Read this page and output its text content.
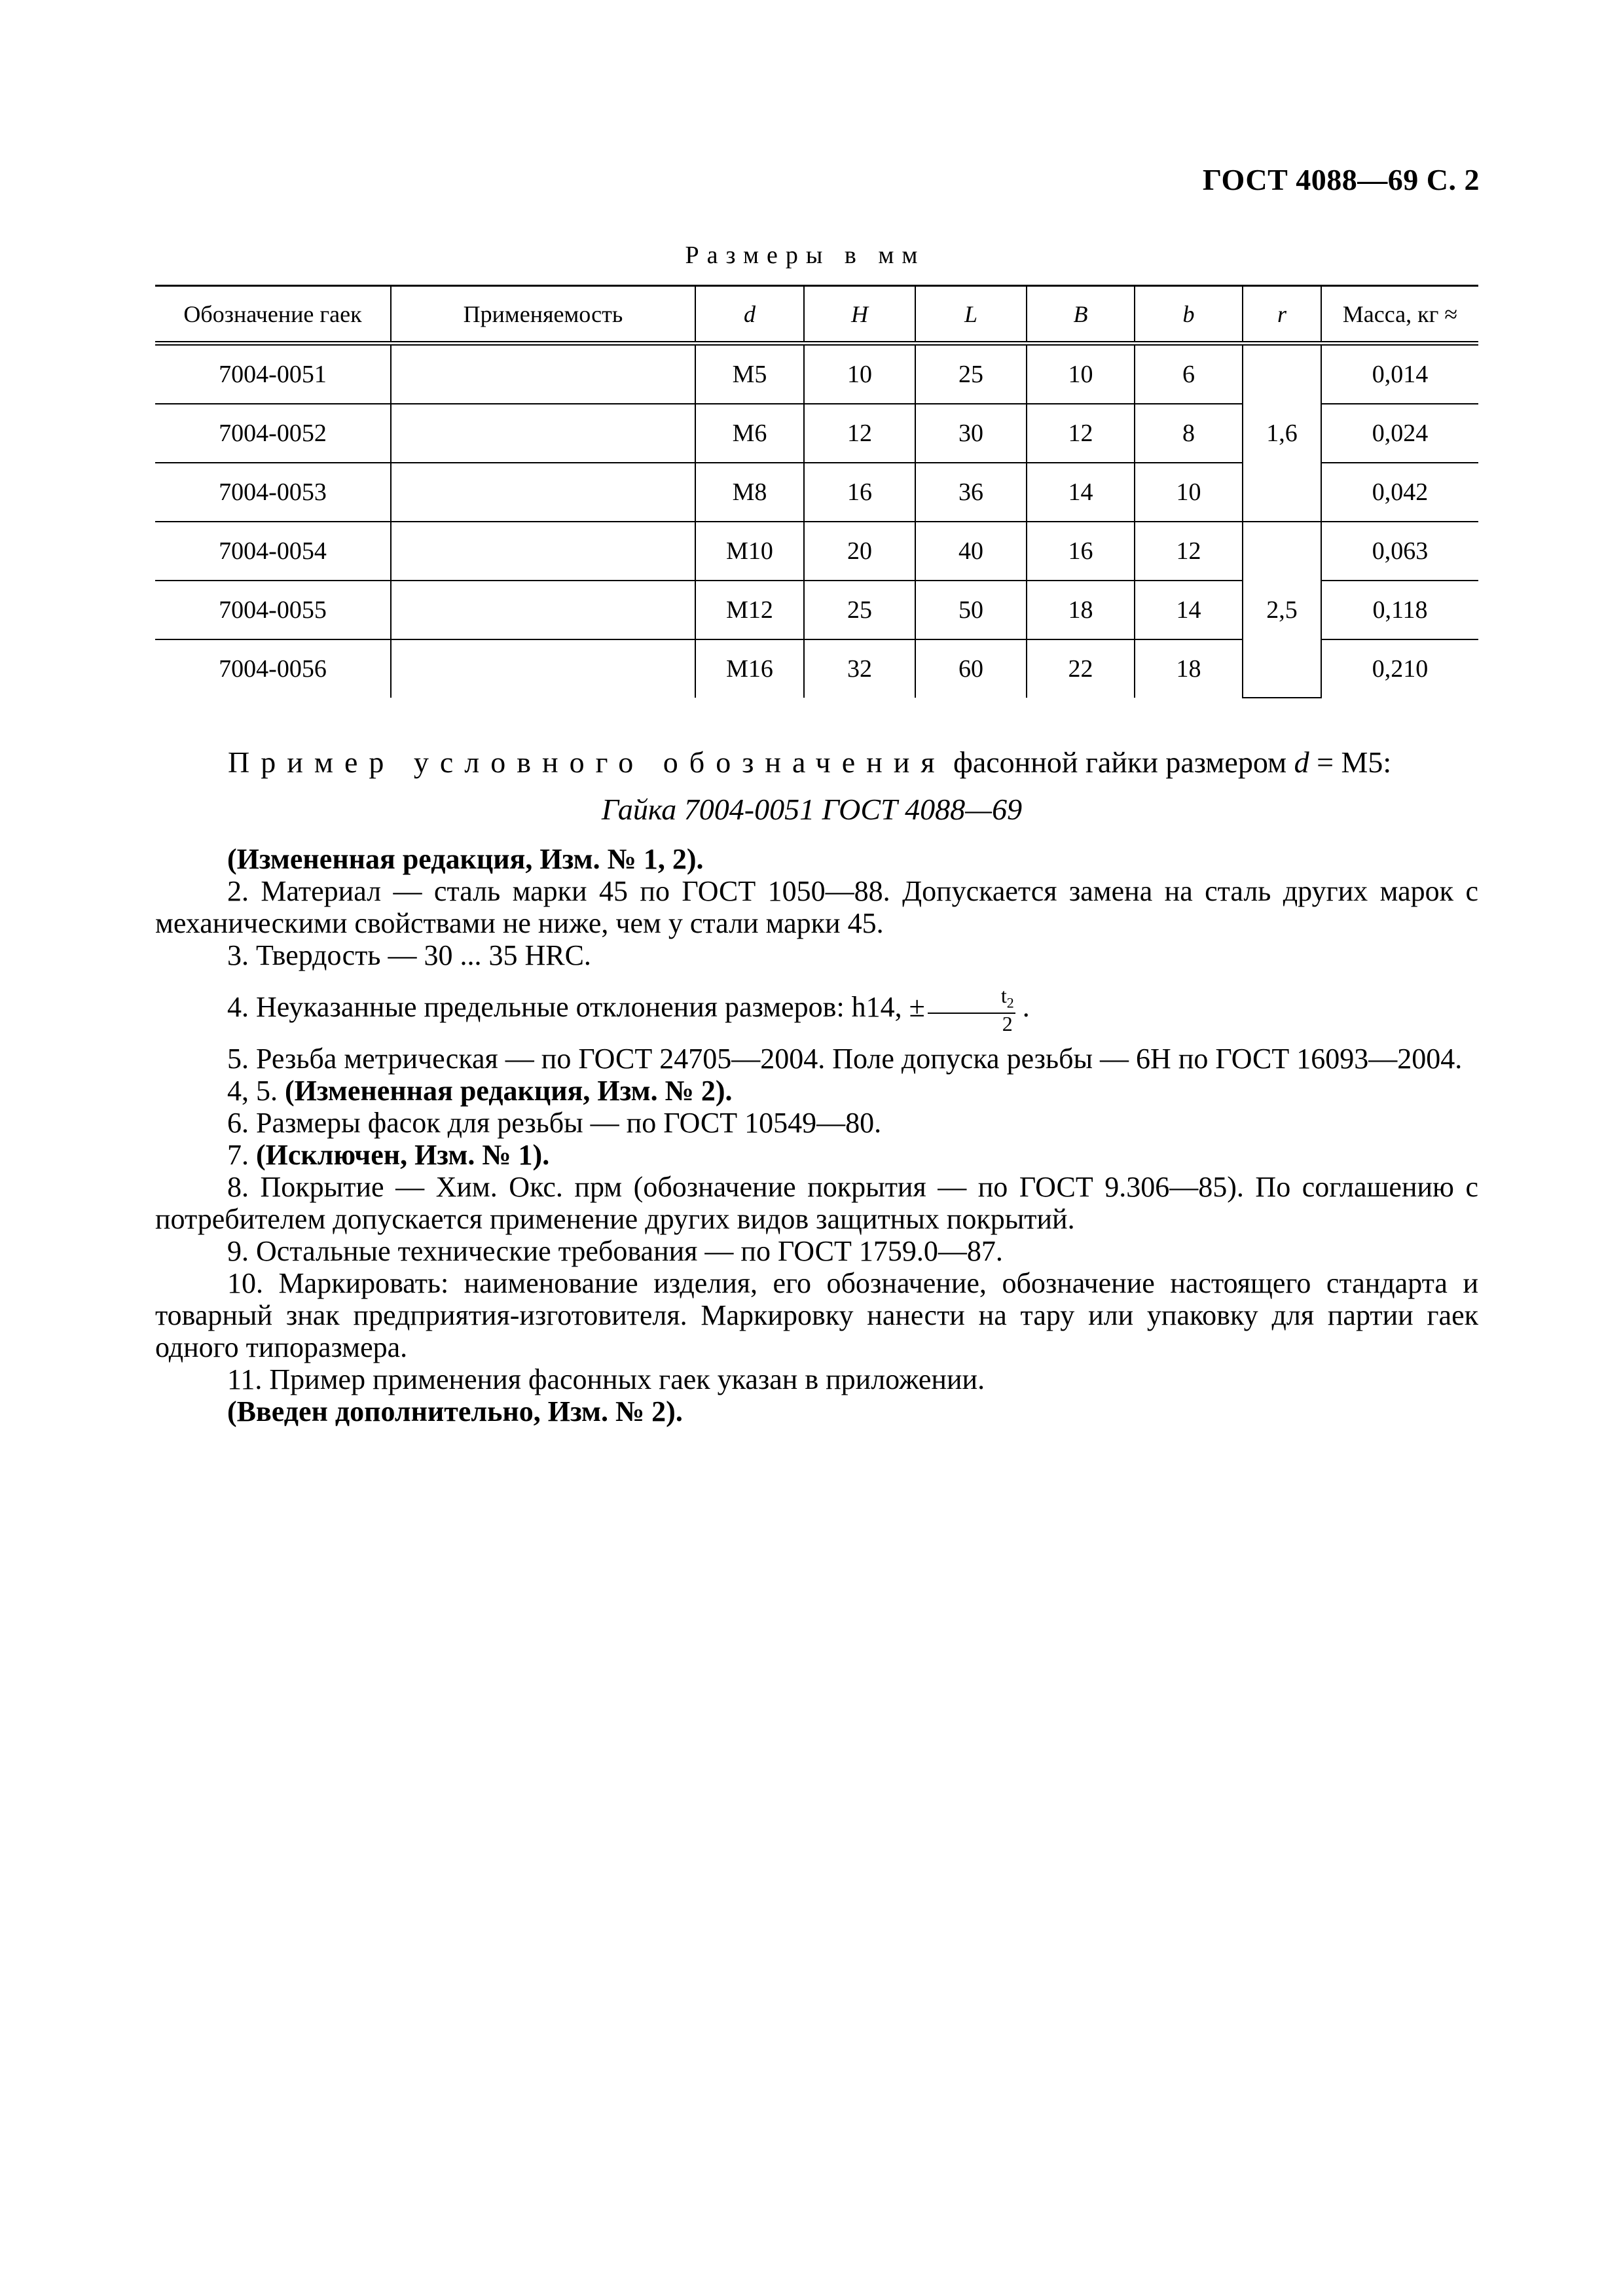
ГОСТ 4088—69 С. 2
Размеры в мм
Обозначение гаек	Применяемость	d	H	L	B	b	r	Масса, кг ≈
7004-0051		M5	10	25	10	6	1,6	0,014
7004-0052		M6	12	30	12	8		0,024
7004-0053		M8	16	36	14	10		0,042
7004-0054		M10	20	40	16	12	2,5	0,063
7004-0055		M12	25	50	18	14		0,118
7004-0056		M16	32	60	22	18		0,210
Пример условного обозначения фасонной гайки размером d = M5:
Гайка 7004-0051 ГОСТ 4088—69

(Измененная редакция, Изм. № 1, 2).

2. Материал — сталь марки 45 по ГОСТ 1050—88. Допускается замена на сталь других марок с механическими свойствами не ниже, чем у стали марки 45.

3. Твердость — 30 ... 35 HRC.

4. Неуказанные предельные отклонения размеров: h14, ± $\frac{t_2}{2}$ .

5. Резьба метрическая — по ГОСТ 24705—2004. Поле допуска резьбы — 6H по ГОСТ 16093—2004.

4, 5. (Измененная редакция, Изм. № 2).

6. Размеры фасок для резьбы — по ГОСТ 10549—80.

7. (Исключен, Изм. № 1).

8. Покрытие — Хим. Окс. прм (обозначение покрытия — по ГОСТ 9.306—85). По соглашению с потребителем допускается применение других видов защитных покрытий.

9. Остальные технические требования — по ГОСТ 1759.0—87.

10. Маркировать: наименование изделия, его обозначение, обозначение настоящего стандарта и товарный знак предприятия-изготовителя. Маркировку нанести на тару или упаковку для партии гаек одного типоразмера.

11. Пример применения фасонных гаек указан в приложении.

(Введен дополнительно, Изм. № 2).
